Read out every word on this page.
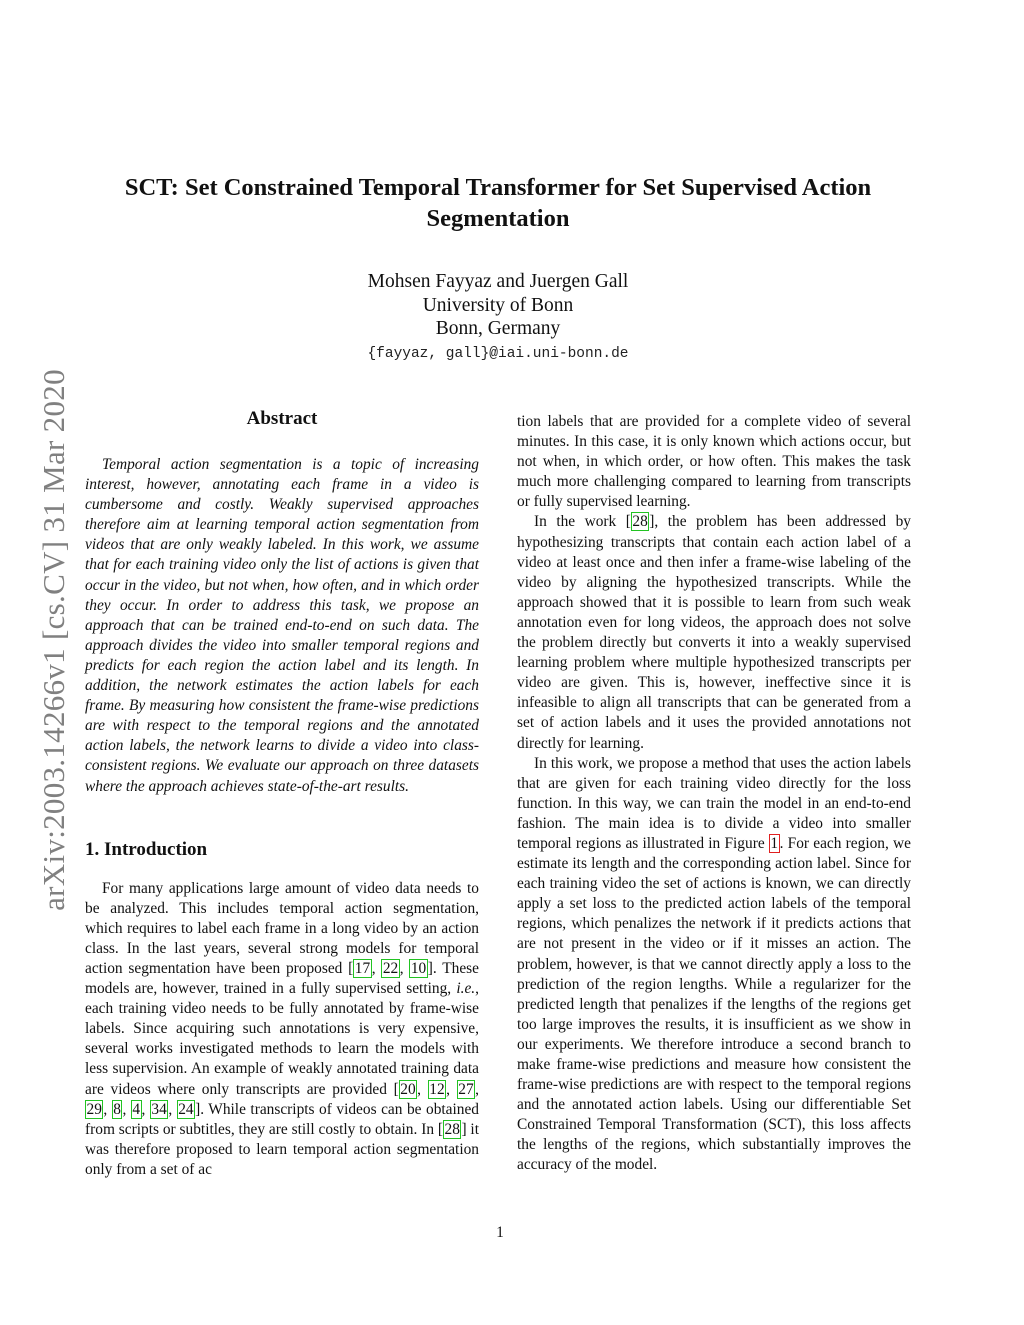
arXiv:2003.14266v1 [cs.CV] 31 Mar 2020
SCT: Set Constrained Temporal Transformer for Set Supervised Action Segmentation
Mohsen Fayyaz and Juergen Gall
University of Bonn
Bonn, Germany
{fayyaz, gall}@iai.uni-bonn.de
Abstract

Temporal action segmentation is a topic of increasing interest, however, annotating each frame in a video is cumbersome and costly. Weakly supervised approaches therefore aim at learning temporal action segmentation from videos that are only weakly labeled. In this work, we assume that for each training video only the list of actions is given that occur in the video, but not when, how often, and in which order they occur. In order to address this task, we propose an approach that can be trained end-to-end on such data. The approach divides the video into smaller temporal regions and predicts for each region the action label and its length. In addition, the network estimates the action labels for each frame. By measuring how consistent the frame-wise predictions are with respect to the temporal regions and the annotated action labels, the network learns to divide a video into class-consistent regions. We evaluate our approach on three datasets where the approach achieves state-of-the-art results.

1. Introduction

For many applications large amount of video data needs to be analyzed. This includes temporal action segmentation, which requires to label each frame in a long video by an action class. In the last years, several strong models for temporal action segmentation have been proposed [17, 22, 10]. These models are, however, trained in a fully supervised setting, i.e., each training video needs to be fully annotated by frame-wise labels. Since acquiring such annotations is very expensive, several works investigated methods to learn the models with less supervision. An example of weakly annotated training data are videos where only transcripts are provided [20, 12, 27, 29, 8, 4, 34, 24]. While transcripts of videos can be obtained from scripts or subtitles, they are still costly to obtain. In [28] it was therefore proposed to learn temporal action segmentation only from a set of ac

tion labels that are provided for a complete video of several minutes. In this case, it is only known which actions occur, but not when, in which order, or how often. This makes the task much more challenging compared to learning from transcripts or fully supervised learning.

In the work [28], the problem has been addressed by hypothesizing transcripts that contain each action label of a video at least once and then infer a frame-wise labeling of the video by aligning the hypothesized transcripts. While the approach showed that it is possible to learn from such weak annotation even for long videos, the approach does not solve the problem directly but converts it into a weakly supervised learning problem where multiple hypothesized transcripts per video are given. This is, however, ineffective since it is infeasible to align all transcripts that can be generated from a set of action labels and it uses the provided annotations not directly for learning.

In this work, we propose a method that uses the action labels that are given for each training video directly for the loss function. In this way, we can train the model in an end-to-end fashion. The main idea is to divide a video into smaller temporal regions as illustrated in Figure 1. For each region, we estimate its length and the corresponding action label. Since for each training video the set of actions is known, we can directly apply a set loss to the predicted action labels of the temporal regions, which penalizes the network if it predicts actions that are not present in the video or if it misses an action. The problem, however, is that we cannot directly apply a loss to the prediction of the region lengths. While a regularizer for the predicted length that penalizes if the lengths of the regions get too large improves the results, it is insufficient as we show in our experiments. We therefore introduce a second branch to make frame-wise predictions and measure how consistent the frame-wise predictions are with respect to the temporal regions and the annotated action labels. Using our differentiable Set Constrained Temporal Transformation (SCT), this loss affects the lengths of the regions, which substantially improves the accuracy of the model.

1
